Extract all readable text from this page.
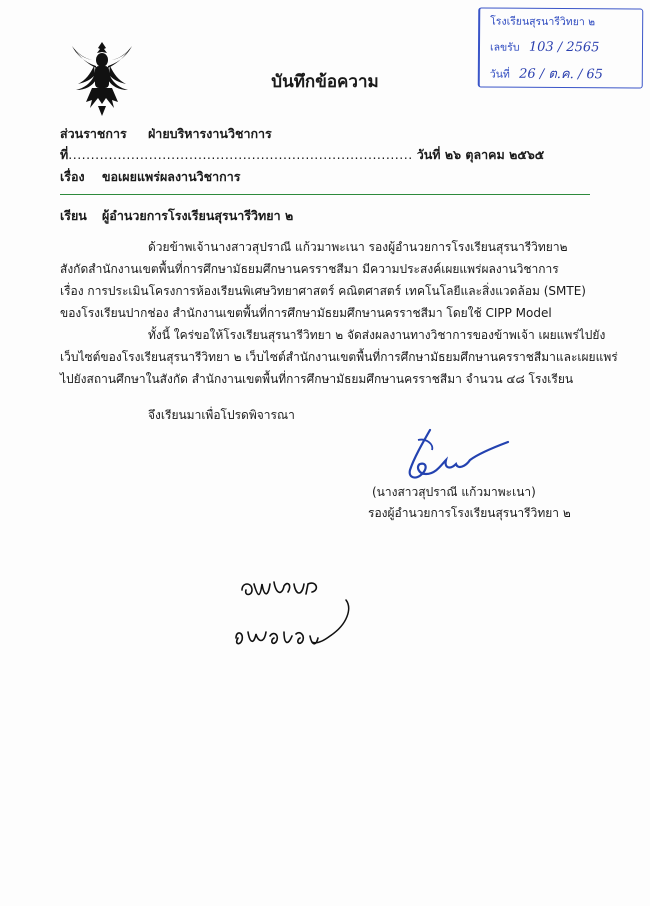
บันทึกข้อความ
โรงเรียนสุรนารีวิทยา ๒
เลขรับ 103 / 2565
วันที่ 26 / ต.ค. / 65
ส่วนราชการ ฝ่ายบริหารงานวิชาการ
ที่............................................................................. วันที่ ๒๖ ตุลาคม ๒๕๖๕
เรื่อง ขอเผยแพร่ผลงานวิชาการ
เรียน ผู้อำนวยการโรงเรียนสุรนารีวิทยา ๒
ด้วยข้าพเจ้านางสาวสุปราณี แก้วมาพะเนา รองผู้อำนวยการโรงเรียนสุรนารีวิทยา๒
สังกัดสำนักงานเขตพื้นที่การศึกษามัธยมศึกษานครราชสีมา มีความประสงค์เผยแพร่ผลงานวิชาการ
เรื่อง การประเมินโครงการห้องเรียนพิเศษวิทยาศาสตร์ คณิตศาสตร์ เทคโนโลยีและสิ่งแวดล้อม (SMTE)
ของโรงเรียนปากช่อง สำนักงานเขตพื้นที่การศึกษามัธยมศึกษานครราชสีมา โดยใช้ CIPP Model
ทั้งนี้ ใคร่ขอให้โรงเรียนสุรนารีวิทยา ๒ จัดส่งผลงานทางวิชาการของข้าพเจ้า เผยแพร่ไปยัง
เว็บไซต์ของโรงเรียนสุรนารีวิทยา ๒ เว็บไซต์สำนักงานเขตพื้นที่การศึกษามัธยมศึกษานครราชสีมาและเผยแพร่
ไปยังสถานศึกษาในสังกัด สำนักงานเขตพื้นที่การศึกษามัธยมศึกษานครราชสีมา จำนวน ๔๘ โรงเรียน
จึงเรียนมาเพื่อโปรดพิจารณา
(นางสาวสุปราณี แก้วมาพะเนา)
รองผู้อำนวยการโรงเรียนสุรนารีวิทยา ๒
